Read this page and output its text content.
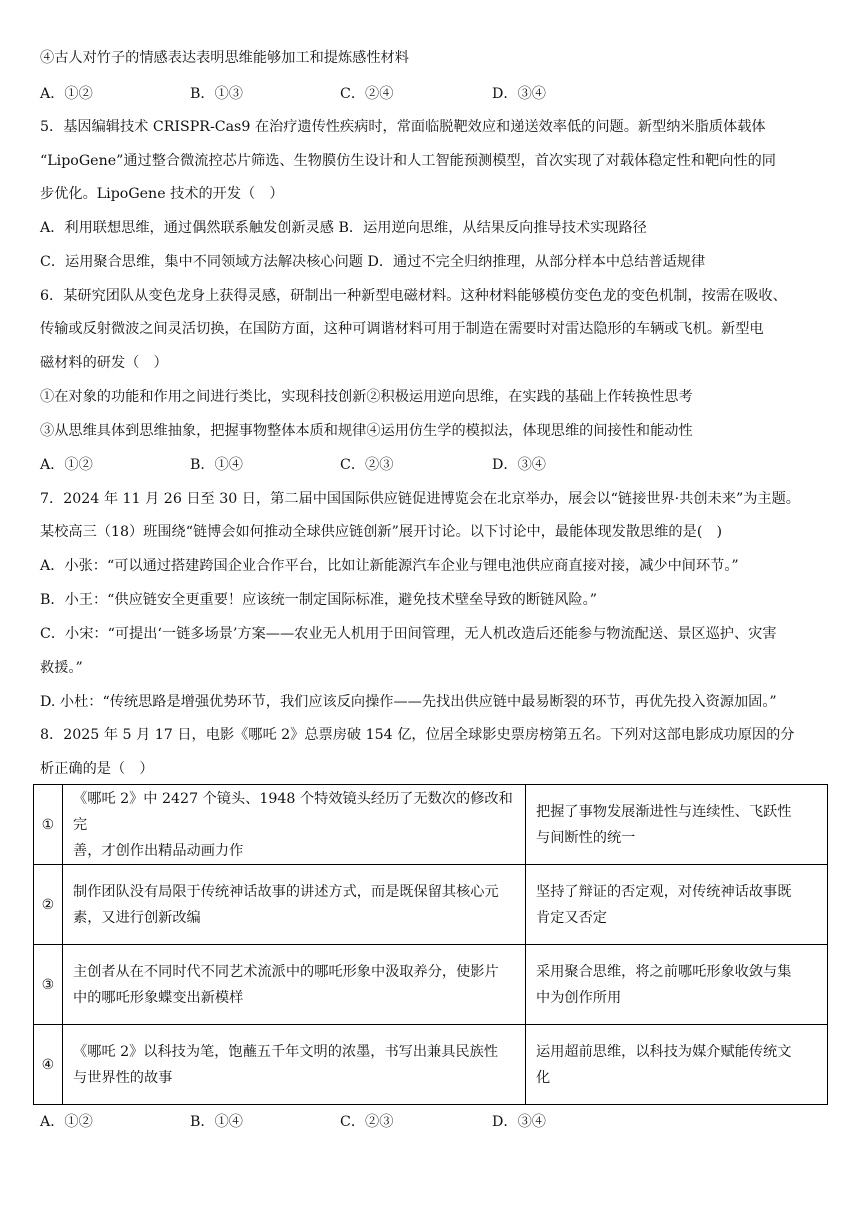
④古人对竹子的情感表达表明思维能够加工和提炼感性材料
A．①②	B．①③	C．②④	D．③④
5．基因编辑技术 CRISPR-Cas9 在治疗遗传性疾病时，常面临脱靶效应和递送效率低的问题。新型纳米脂质体载体
“LipoGene”通过整合微流控芯片筛选、生物膜仿生设计和人工智能预测模型，首次实现了对载体稳定性和靶向性的同
步优化。LipoGene 技术的开发（　）
A．利用联想思维，通过偶然联系触发创新灵感 B．运用逆向思维，从结果反向推导技术实现路径
C．运用聚合思维，集中不同领域方法解决核心问题 D．通过不完全归纳推理，从部分样本中总结普适规律
6．某研究团队从变色龙身上获得灵感，研制出一种新型电磁材料。这种材料能够模仿变色龙的变色机制，按需在吸收、
传输或反射微波之间灵活切换，在国防方面，这种可调谐材料可用于制造在需要时对雷达隐形的车辆或飞机。新型电
磁材料的研发（　）
①在对象的功能和作用之间进行类比，实现科技创新②积极运用逆向思维，在实践的基础上作转换性思考
③从思维具体到思维抽象，把握事物整体本质和规律④运用仿生学的模拟法，体现思维的间接性和能动性
A．①②	B．①④	C．②③	D．③④
7．2024 年 11 月 26 日至 30 日，第二届中国国际供应链促进博览会在北京举办，展会以“链接世界·共创未来”为主题。
某校高三（18）班围绕“链博会如何推动全球供应链创新”展开讨论。以下讨论中，最能体现发散思维的是(　)
A．小张：“可以通过搭建跨国企业合作平台，比如让新能源汽车企业与锂电池供应商直接对接，减少中间环节。”
B．小王：“供应链安全更重要！应该统一制定国际标准，避免技术壁垒导致的断链风险。”
C．小宋：“可提出‘一链多场景’方案——农业无人机用于田间管理，无人机改造后还能参与物流配送、景区巡护、灾害
救援。”
D. 小杜：“传统思路是增强优势环节，我们应该反向操作——先找出供应链中最易断裂的环节，再优先投入资源加固。”
8．2025 年 5 月 17 日，电影《哪吒 2》总票房破 154 亿，位居全球影史票房榜第五名。下列对这部电影成功原因的分
析正确的是（　）
①	《哪吒 2》中 2427 个镜头、1948 个特效镜头经历了无数次的修改和完
善，才创作出精品动画力作	把握了事物发展渐进性与连续性、飞跃性
与间断性的统一
②	制作团队没有局限于传统神话故事的讲述方式，而是既保留其核心元
素，又进行创新改编	坚持了辩证的否定观，对传统神话故事既
肯定又否定
③	主创者从在不同时代不同艺术流派中的哪吒形象中汲取养分，使影片
中的哪吒形象蝶变出新模样	采用聚合思维，将之前哪吒形象收敛与集
中为创作所用
④	《哪吒 2》以科技为笔，饱蘸五千年文明的浓墨，书写出兼具民族性
与世界性的故事	运用超前思维，以科技为媒介赋能传统文
化
A．①②	B．①④	C．②③	D．③④
